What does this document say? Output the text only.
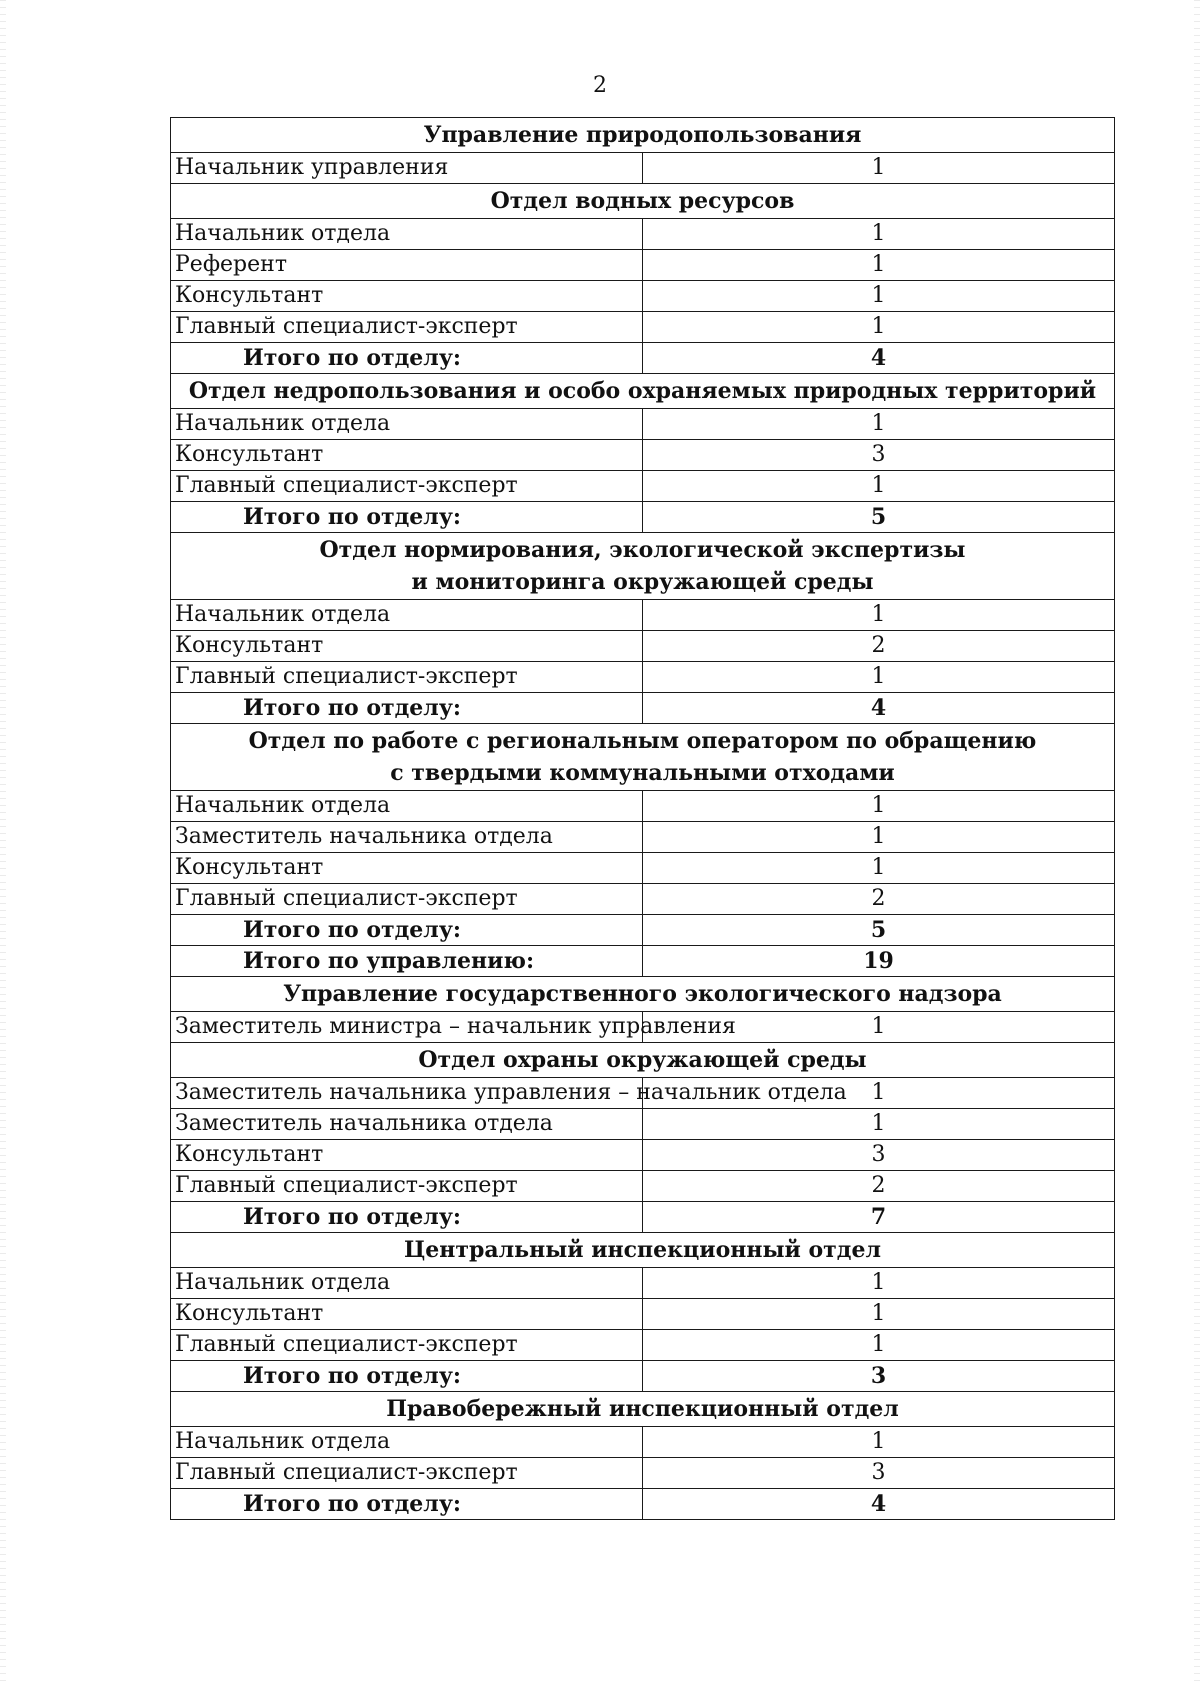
2
Управление природопользования	

Начальник управления	1

Отдел водных ресурсов	

Начальник отдела	1
Референт	1
Консультант	1
Главный специалист-эксперт	1
Итого по отделу:	4

Отдел недропользования и особо охраняемых природных территорий	

Начальник отдела	1
Консультант	3
Главный специалист-эксперт	1
Итого по отделу:	5

Отдел нормирования, экологической экспертизы
и мониторинга окружающей среды	

Начальник отдела	1
Консультант	2
Главный специалист-эксперт	1
Итого по отделу:	4

Отдел по работе с региональным оператором по обращению
с твердыми коммунальными отходами	

Начальник отдела	1
Заместитель начальника отдела	1
Консультант	1
Главный специалист-эксперт	2
Итого по отделу:	5
Итого по управлению:	19

Управление государственного экологического надзора	

Заместитель министра – начальник управления	1

Отдел охраны окружающей среды	

Заместитель начальника управления – начальник отдела	1
Заместитель начальника отдела	1
Консультант	3
Главный специалист-эксперт	2
Итого по отделу:	7

Центральный инспекционный отдел	

Начальник отдела	1
Консультант	1
Главный специалист-эксперт	1
Итого по отделу:	3

Правобережный инспекционный отдел	

Начальник отдела	1
Главный специалист-эксперт	3
Итого по отделу:	4
